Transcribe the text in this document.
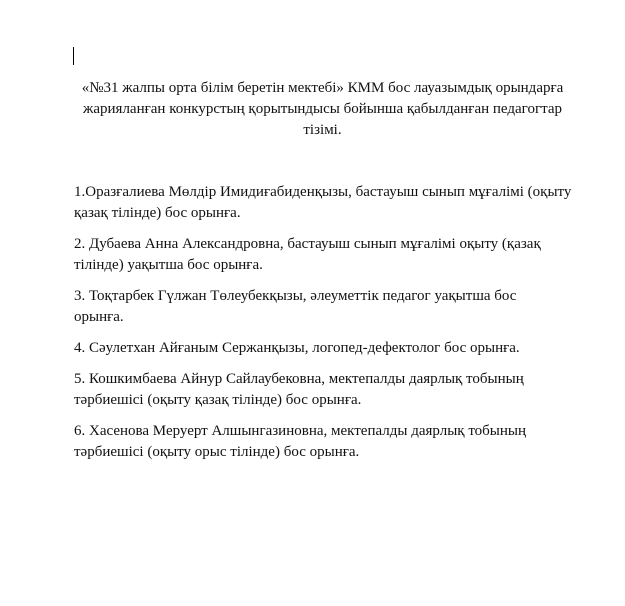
«№31 жалпы орта білім беретін мектебі» КММ бос лауазымдық орындарға
жарияланған конкурстың қорытындысы бойынша қабылданған педагогтар
тізімі.
1.Оразғалиева Мөлдір Имидиғабиденқызы, бастауыш сынып мұғалімі (оқыту
қазақ тілінде) бос орынға.
2. Дубаева Анна Александровна, бастауыш сынып мұғалімі оқыту (қазақ
тілінде) уақытша бос орынға.
3. Тоқтарбек Гүлжан Төлеубекқызы, әлеуметтік педагог уақытша бос
орынға.
4. Сәулетхан Айғаным Сержанқызы, логопед-дефектолог бос орынға.
5. Кошкимбаева Айнур Сайлаубековна, мектепалды даярлық тобының
тәрбиешісі (оқыту қазақ тілінде) бос орынға.
6. Хасенова Меруерт Алшынгазиновна, мектепалды даярлық тобының
тәрбиешісі (оқыту орыс тілінде) бос орынға.
